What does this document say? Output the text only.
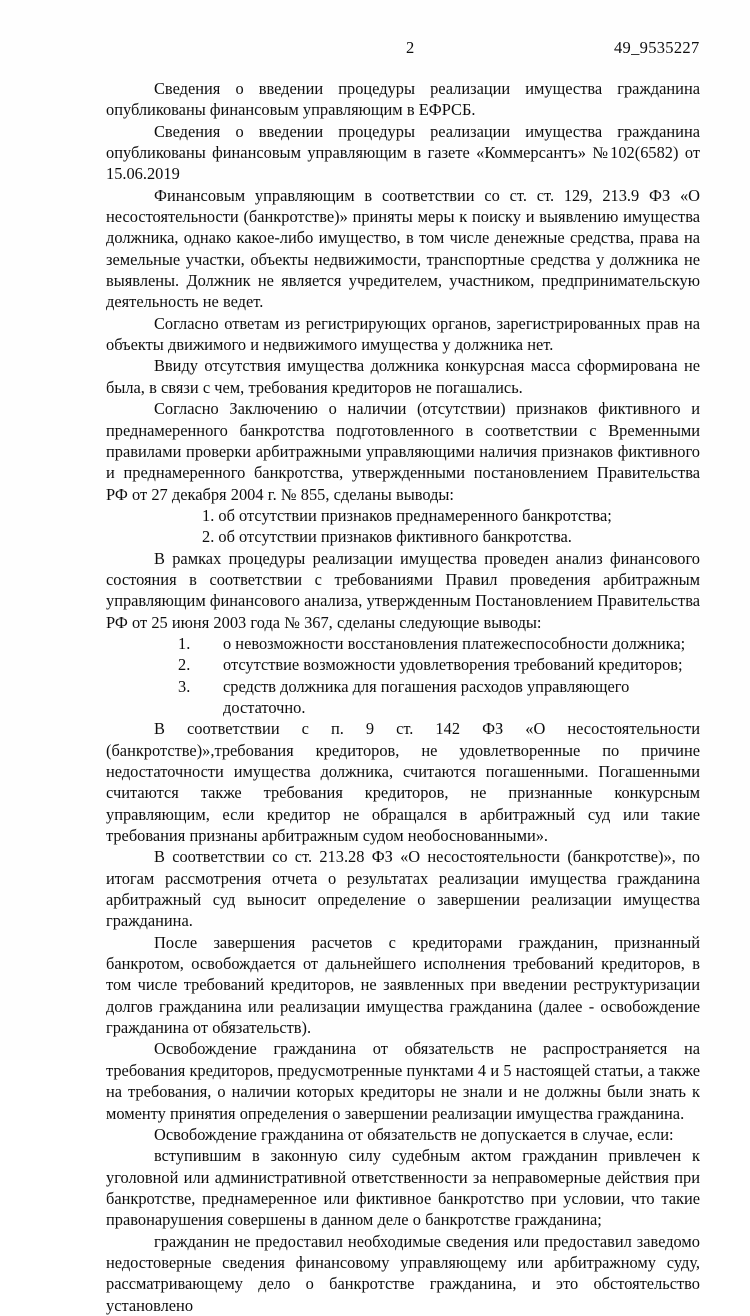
2	49_9535227

Сведения о введении процедуры реализации имущества гражданина опубликованы финансовым управляющим в ЕФРСБ.

Сведения о введении процедуры реализации имущества гражданина опубликованы финансовым управляющим в газете «Коммерсантъ» №102(6582) от 15.06.2019

Финансовым управляющим в соответствии со ст. ст. 129, 213.9 ФЗ «О несостоятельности (банкротстве)» приняты меры к поиску и выявлению имущества должника, однако какое-либо имущество, в том числе денежные средства, права на земельные участки, объекты недвижимости, транспортные средства у должника не выявлены. Должник не является учредителем, участником, предпринимательскую деятельность не ведет.

Согласно ответам из регистрирующих органов, зарегистрированных прав на объекты движимого и недвижимого имущества у должника нет.

Ввиду отсутствия имущества должника конкурсная масса сформирована не была, в связи с чем, требования кредиторов не погашались.

Согласно Заключению о наличии (отсутствии) признаков фиктивного и преднамеренного банкротства подготовленного в соответствии с Временными правилами проверки арбитражными управляющими наличия признаков фиктивного и преднамеренного банкротства, утвержденными постановлением Правительства РФ от 27 декабря 2004 г. № 855, сделаны выводы:

1. об отсутствии признаков преднамеренного банкротства;
2. об отсутствии признаков фиктивного банкротства.

В рамках процедуры реализации имущества проведен анализ финансового состояния в соответствии с требованиями Правил проведения арбитражным управляющим финансового анализа, утвержденным Постановлением Правительства РФ от 25 июня 2003 года № 367, сделаны следующие выводы:

1.	о невозможности восстановления платежеспособности должника;
2.	отсутствие возможности удовлетворения требований кредиторов;
3.	средств должника для погашения расходов управляющего достаточно.

В соответствии с п. 9 ст. 142 ФЗ «О несостоятельности (банкротстве)»,требования кредиторов, не удовлетворенные по причине недостаточности имущества должника, считаются погашенными. Погашенными считаются также требования кредиторов, не признанные конкурсным управляющим, если кредитор не обращался в арбитражный суд или такие требования признаны арбитражным судом необоснованными».

В соответствии со ст. 213.28 ФЗ «О несостоятельности (банкротстве)», по итогам рассмотрения отчета о результатах реализации имущества гражданина арбитражный суд выносит определение о завершении реализации имущества гражданина.

После завершения расчетов с кредиторами гражданин, признанный банкротом, освобождается от дальнейшего исполнения требований кредиторов, в том числе требований кредиторов, не заявленных при введении реструктуризации долгов гражданина или реализации имущества гражданина (далее - освобождение гражданина от обязательств).

Освобождение гражданина от обязательств не распространяется на требования кредиторов, предусмотренные пунктами 4 и 5 настоящей статьи, а также на требования, о наличии которых кредиторы не знали и не должны были знать к моменту принятия определения о завершении реализации имущества гражданина.

Освобождение гражданина от обязательств не допускается в случае, если:

вступившим в законную силу судебным актом гражданин привлечен к уголовной или административной ответственности за неправомерные действия при банкротстве, преднамеренное или фиктивное банкротство при условии, что такие правонарушения совершены в данном деле о банкротстве гражданина;

гражданин не предоставил необходимые сведения или предоставил заведомо недостоверные сведения финансовому управляющему или арбитражному суду, рассматривающему дело о банкротстве гражданина, и это обстоятельство установлено
